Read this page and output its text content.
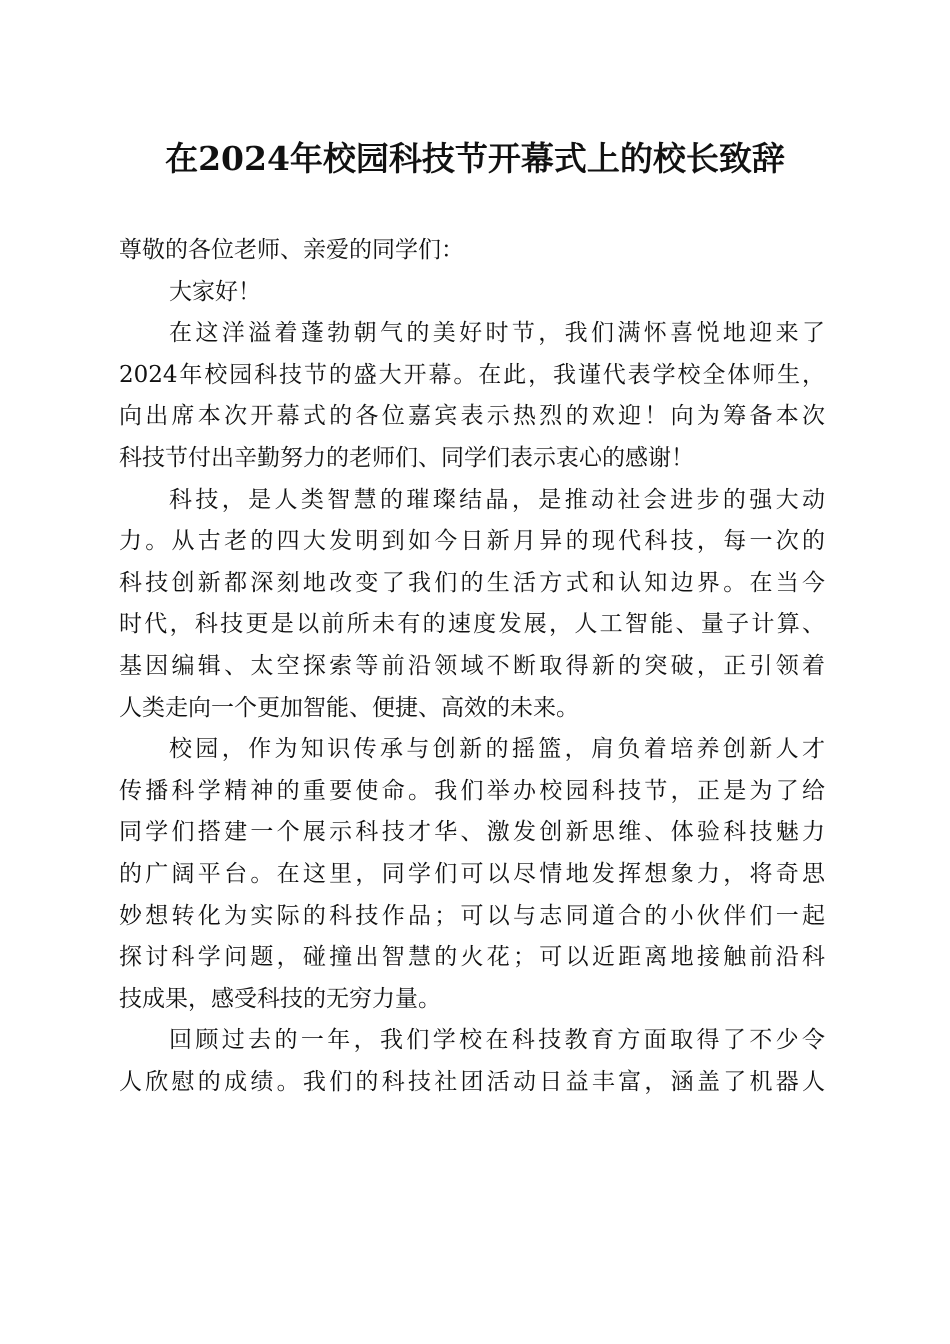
在2024年校园科技节开幕式上的校长致辞
尊敬的各位老师、亲爱的同学们：
大家好！
在这洋溢着蓬勃朝气的美好时节，我们满怀喜悦地迎来了
2024年校园科技节的盛大开幕。在此，我谨代表学校全体师生，
向出席本次开幕式的各位嘉宾表示热烈的欢迎！向为筹备本次
科技节付出辛勤努力的老师们、同学们表示衷心的感谢！
科技，是人类智慧的璀璨结晶，是推动社会进步的强大动
力。从古老的四大发明到如今日新月异的现代科技，每一次的
科技创新都深刻地改变了我们的生活方式和认知边界。在当今
时代，科技更是以前所未有的速度发展，人工智能、量子计算、
基因编辑、太空探索等前沿领域不断取得新的突破，正引领着
人类走向一个更加智能、便捷、高效的未来。
校园，作为知识传承与创新的摇篮，肩负着培养创新人才
传播科学精神的重要使命。我们举办校园科技节，正是为了给
同学们搭建一个展示科技才华、激发创新思维、体验科技魅力
的广阔平台。在这里，同学们可以尽情地发挥想象力，将奇思
妙想转化为实际的科技作品；可以与志同道合的小伙伴们一起
探讨科学问题，碰撞出智慧的火花；可以近距离地接触前沿科
技成果，感受科技的无穷力量。
回顾过去的一年，我们学校在科技教育方面取得了不少令
人欣慰的成绩。我们的科技社团活动日益丰富，涵盖了机器人
